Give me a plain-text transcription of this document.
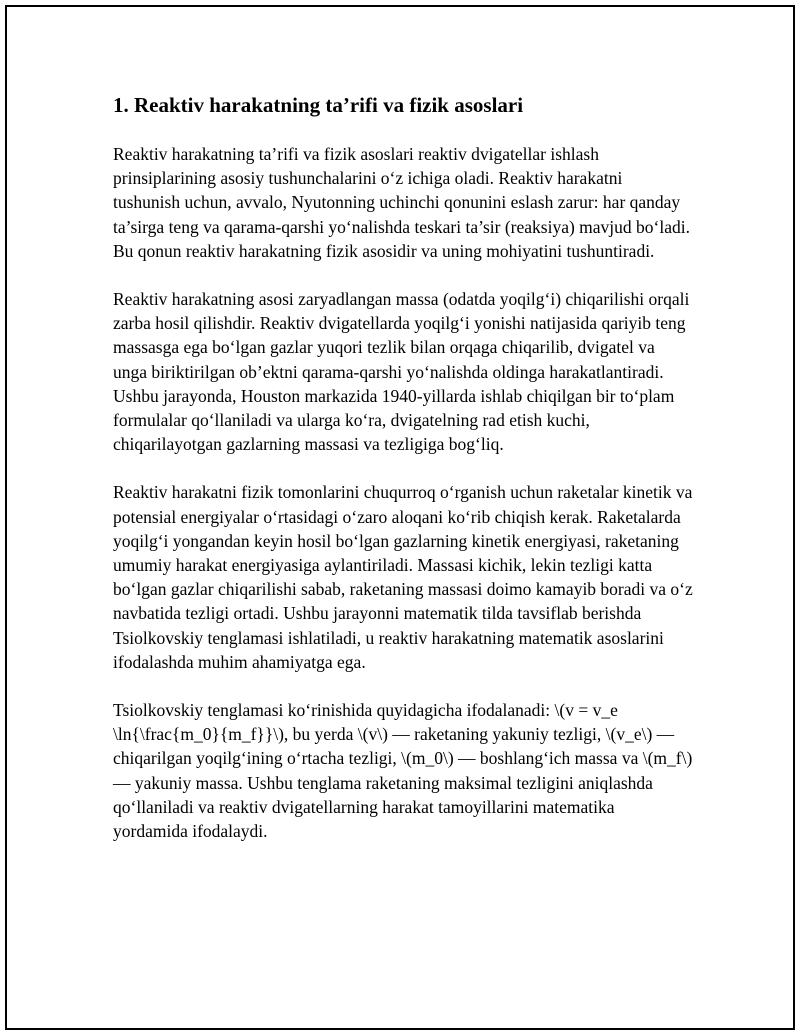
1. Reaktiv harakatning ta’rifi va fizik asoslari

Reaktiv harakatning ta’rifi va fizik asoslari reaktiv dvigatellar ishlash prinsiplarining asosiy tushunchalarini o‘z ichiga oladi. Reaktiv harakatni tushunish uchun, avvalo, Nyutonning uchinchi qonunini eslash zarur: har qanday ta’sirga teng va qarama-qarshi yo‘nalishda teskari ta’sir (reaksiya) mavjud bo‘ladi. Bu qonun reaktiv harakatning fizik asosidir va uning mohiyatini tushuntiradi.

Reaktiv harakatning asosi zaryadlangan massa (odatda yoqilg‘i) chiqarilishi orqali zarba hosil qilishdir. Reaktiv dvigatellarda yoqilg‘i yonishi natijasida qariyib teng massasga ega bo‘lgan gazlar yuqori tezlik bilan orqaga chiqarilib, dvigatel va unga biriktirilgan ob’ektni qarama-qarshi yo‘nalishda oldinga harakatlantiradi. Ushbu jarayonda, Houston markazida 1940-yillarda ishlab chiqilgan bir to‘plam formulalar qo‘llaniladi va ularga ko‘ra, dvigatelning rad etish kuchi, chiqarilayotgan gazlarning massasi va tezligiga bog‘liq.

Reaktiv harakatni fizik tomonlarini chuqurroq o‘rganish uchun raketalar kinetik va potensial energiyalar o‘rtasidagi o‘zaro aloqani ko‘rib chiqish kerak. Raketalarda yoqilg‘i yongandan keyin hosil bo‘lgan gazlarning kinetik energiyasi, raketaning umumiy harakat energiyasiga aylantiriladi. Massasi kichik, lekin tezligi katta bo‘lgan gazlar chiqarilishi sabab, raketaning massasi doimo kamayib boradi va o‘z navbatida tezligi ortadi. Ushbu jarayonni matematik tilda tavsiflab berishda Tsiolkovskiy tenglamasi ishlatiladi, u reaktiv harakatning matematik asoslarini ifodalashda muhim ahamiyatga ega.

Tsiolkovskiy tenglamasi ko‘rinishida quyidagicha ifodalanadi: \(v = v_e \ln{\frac{m_0}{m_f}}\), bu yerda \(v\) — raketaning yakuniy tezligi, \(v_e\) — chiqarilgan yoqilg‘ining o‘rtacha tezligi, \(m_0\) — boshlang‘ich massa va \(m_f\) — yakuniy massa. Ushbu tenglama raketaning maksimal tezligini aniqlashda qo‘llaniladi va reaktiv dvigatellarning harakat tamoyillarini matematika yordamida ifodalaydi.
